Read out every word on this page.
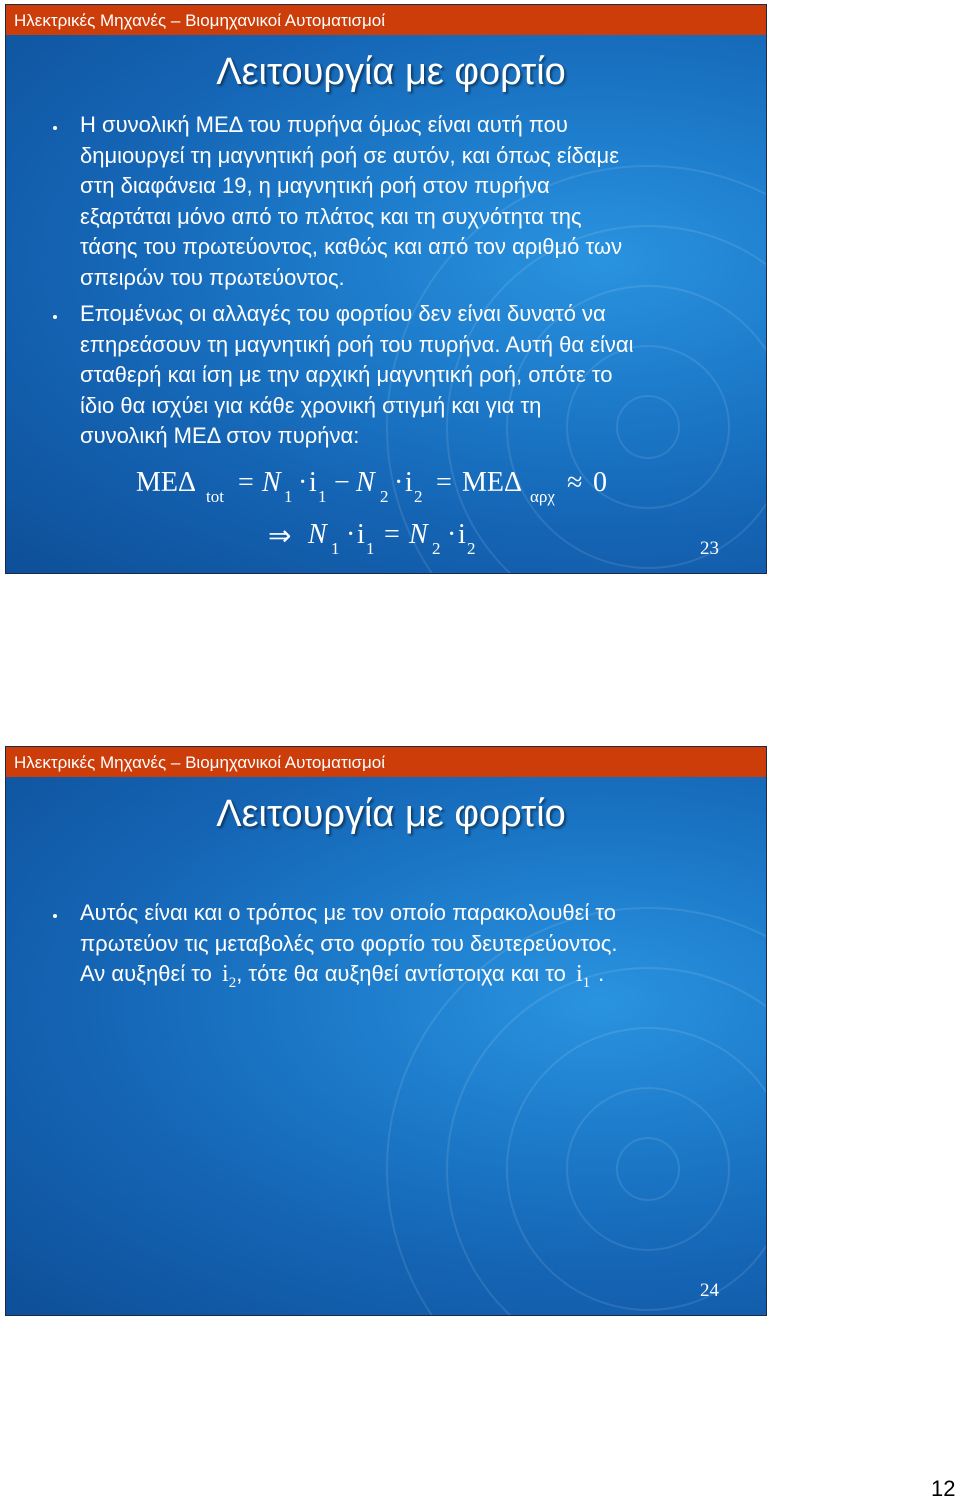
Ηλεκτρικές Μηχανές – Βιομηχανικοί Αυτοματισμοί
Λειτουργία με φορτίο
Η συνολική ΜΕΔ του πυρήνα όμως είναι αυτή που
δημιουργεί τη μαγνητική ροή σε αυτόν, και όπως είδαμε
στη διαφάνεια 19, η μαγνητική ροή στον πυρήνα
εξαρτάται μόνο από το πλάτος και τη συχνότητα της
τάσης του πρωτεύοντος, καθώς και από τον αριθμό των
σπειρών του πρωτεύοντος.
Επομένως οι αλλαγές του φορτίου δεν είναι δυνατό να
επηρεάσουν τη μαγνητική ροή του πυρήνα. Αυτή θα είναι
σταθερή και ίση με την αρχική μαγνητική ροή, οπότε το
ίδιο θα ισχύει για κάθε χρονική στιγμή και για τη
συνολική ΜΕΔ στον πυρήνα:
ΜΕΔ tot = N 1 · i 1 − N 2 · i 2 = ΜΕΔ αρχ ≈ 0
⇒ N 1 · i 1 = N 2 · i 2	23
Ηλεκτρικές Μηχανές – Βιομηχανικοί Αυτοματισμοί
Λειτουργία με φορτίο
Αυτός είναι και ο τρόπος με τον οποίο παρακολουθεί το
πρωτεύον τις μεταβολές στο φορτίο του δευτερεύοντος.
Αν αυξηθεί το $i_2$, τότε θα αυξηθεί αντίστοιχα και το $i_1$ .
24
12
